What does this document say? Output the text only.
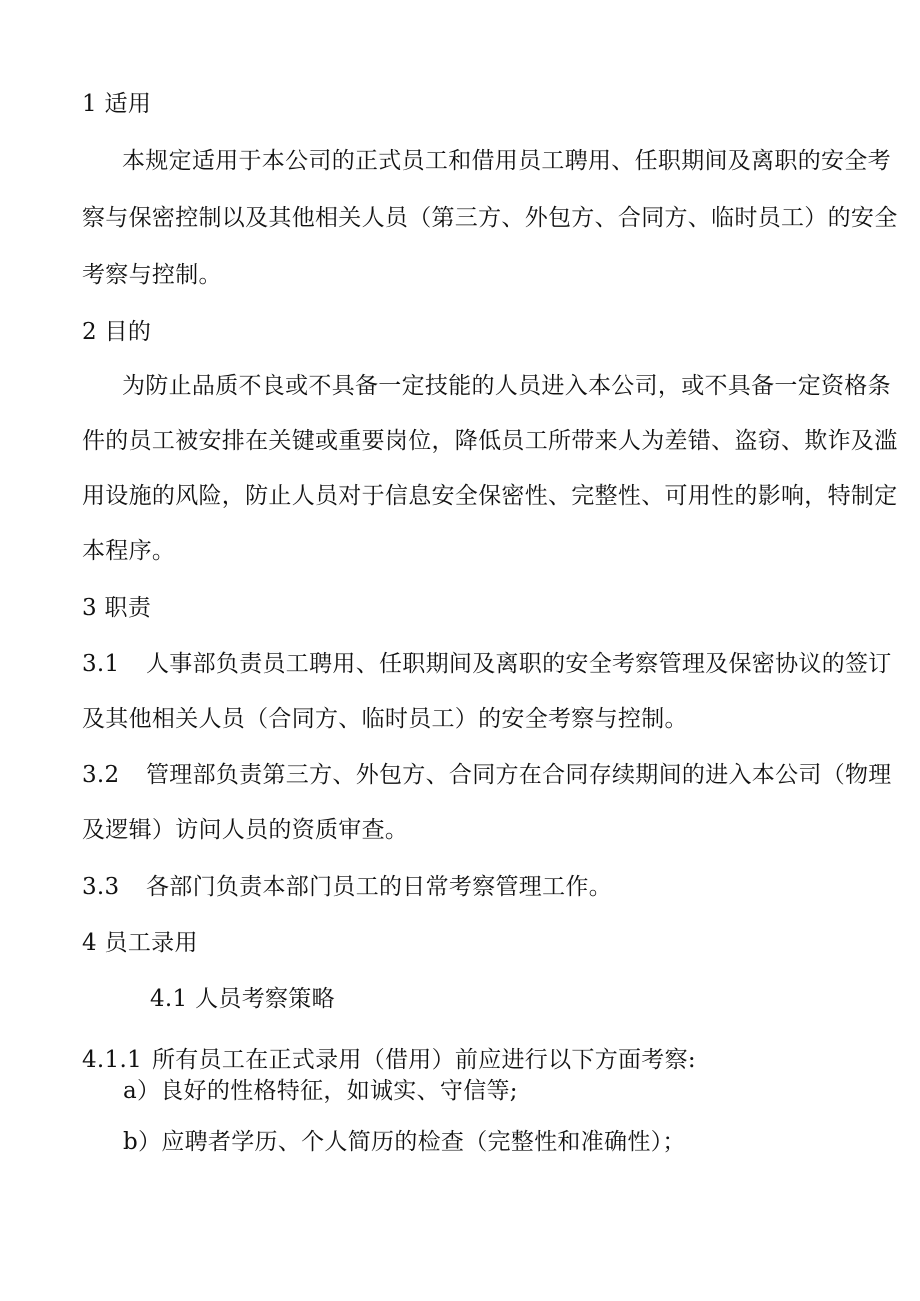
1 适用
本规定适用于本公司的正式员工和借用员工聘用、任职期间及离职的安全考
察与保密控制以及其他相关人员（第三方、外包方、合同方、临时员工）的安全
考察与控制。
2 目的
为防止品质不良或不具备一定技能的人员进入本公司，或不具备一定资格条
件的员工被安排在关键或重要岗位，降低员工所带来人为差错、盗窃、欺诈及滥
用设施的风险，防止人员对于信息安全保密性、完整性、可用性的影响，特制定
本程序。
3 职责
3.1 人事部负责员工聘用、任职期间及离职的安全考察管理及保密协议的签订
及其他相关人员（合同方、临时员工）的安全考察与控制。
3.2 管理部负责第三方、外包方、合同方在合同存续期间的进入本公司（物理
及逻辑）访问人员的资质审查。
3.3 各部门负责本部门员工的日常考察管理工作。
4 员工录用
4.1 人员考察策略
4.1.1 所有员工在正式录用（借用）前应进行以下方面考察:
a）良好的性格特征，如诚实、守信等;
b）应聘者学历、个人简历的检查（完整性和准确性）；
